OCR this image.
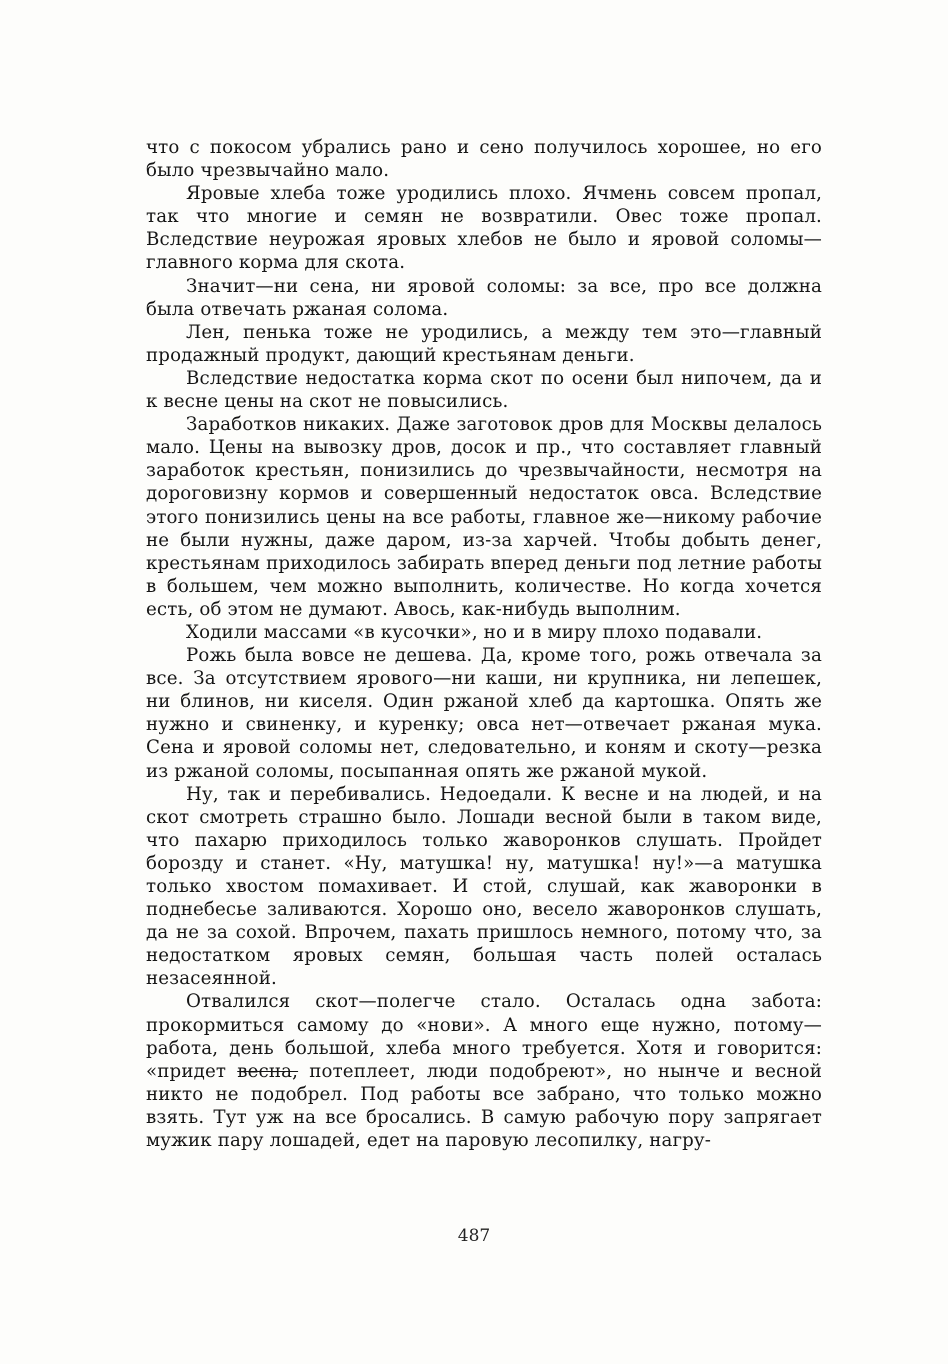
что с покосом убрались рано и сено получилось хорошее, но его было чрезвычайно мало.

Яровые хлеба тоже уродились плохо. Ячмень совсем пропал, так что многие и семян не возвратили. Овес тоже пропал. Вследствие неурожая яровых хлебов не было и яровой соломы—главного корма для скота.

Значит—ни сена, ни яровой соломы: за все, про все должна была отвечать ржаная солома.

Лен, пенька тоже не уродились, а между тем это—главный продажный продукт, дающий крестьянам деньги.

Вследствие недостатка корма скот по осени был нипочем, да и к весне цены на скот не повысились.

Заработков никаких. Даже заготовок дров для Москвы делалось мало. Цены на вывозку дров, досок и пр., что составляет главный заработок крестьян, понизились до чрезвычайности, несмотря на дороговизну кормов и совершенный недостаток овса. Вследствие этого понизились цены на все работы, главное же—никому рабочие не были нужны, даже даром, из-за харчей. Чтобы добыть денег, крестьянам приходилось забирать вперед деньги под летние работы в большем, чем можно выполнить, количестве. Но когда хочется есть, об этом не думают. Авось, как-нибудь выполним.

Ходили массами «в кусочки», но и в миру плохо подавали.

Рожь была вовсе не дешева. Да, кроме того, рожь отвечала за все. За отсутствием ярового—ни каши, ни крупника, ни лепешек, ни блинов, ни киселя. Один ржаной хлеб да картошка. Опять же нужно и свиненку, и куренку; овса нет—отвечает ржаная мука. Сена и яровой соломы нет, следовательно, и коням и скоту—резка из ржаной соломы, посыпанная опять же ржаной мукой.

Ну, так и перебивались. Недоедали. К весне и на людей, и на скот смотреть страшно было. Лошади весной были в таком виде, что пахарю приходилось только жаворонков слушать. Пройдет борозду и станет. «Ну, матушка! ну, матушка! ну!»—а матушка только хвостом помахивает. И стой, слушай, как жаворонки в поднебесье заливаются. Хорошо оно, весело жаворонков слушать, да не за сохой. Впрочем, пахать пришлось немного, потому что, за недостатком яровых семян, большая часть полей осталась незасеянной.

Отвалился скот—полегче стало. Осталась одна забота: прокормиться самому до «нови». А много еще нужно, потому—работа, день большой, хлеба много требуется. Хотя и говорится: «придет весна, потеплеет, люди подобреют», но нынче и весной никто не подобрел. Под работы все забрано, что только можно взять. Тут уж на все бросались. В самую рабочую пору запрягает мужик пару лошадей, едет на паровую лесопилку, нагру-

487
